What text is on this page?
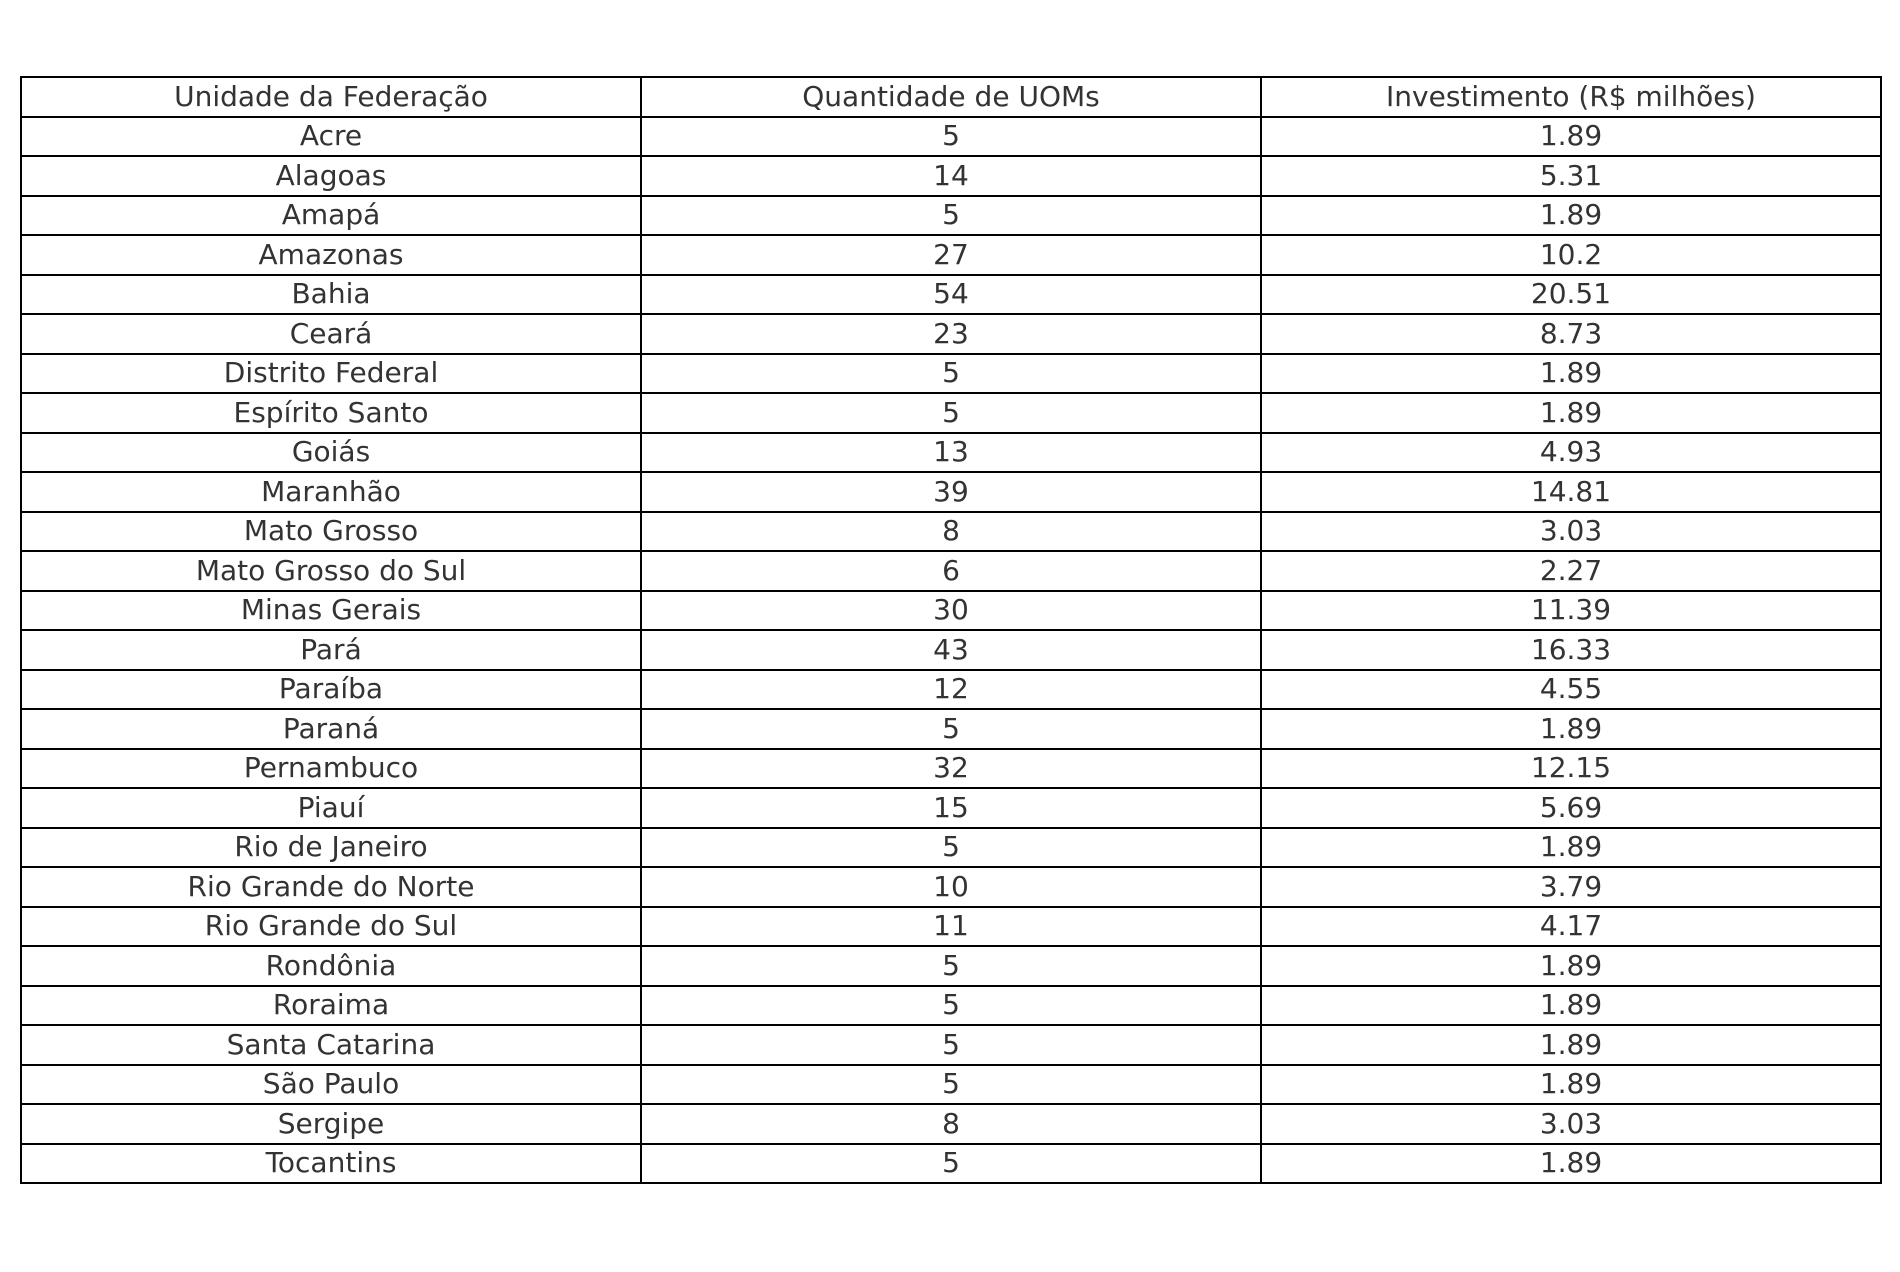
Unidade da Federação	Quantidade de UOMs	Investimento (R$ milhões)
Acre	5	1.89
Alagoas	14	5.31
Amapá	5	1.89
Amazonas	27	10.2
Bahia	54	20.51
Ceará	23	8.73
Distrito Federal	5	1.89
Espírito Santo	5	1.89
Goiás	13	4.93
Maranhão	39	14.81
Mato Grosso	8	3.03
Mato Grosso do Sul	6	2.27
Minas Gerais	30	11.39
Pará	43	16.33
Paraíba	12	4.55
Paraná	5	1.89
Pernambuco	32	12.15
Piauí	15	5.69
Rio de Janeiro	5	1.89
Rio Grande do Norte	10	3.79
Rio Grande do Sul	11	4.17
Rondônia	5	1.89
Roraima	5	1.89
Santa Catarina	5	1.89
São Paulo	5	1.89
Sergipe	8	3.03
Tocantins	5	1.89
